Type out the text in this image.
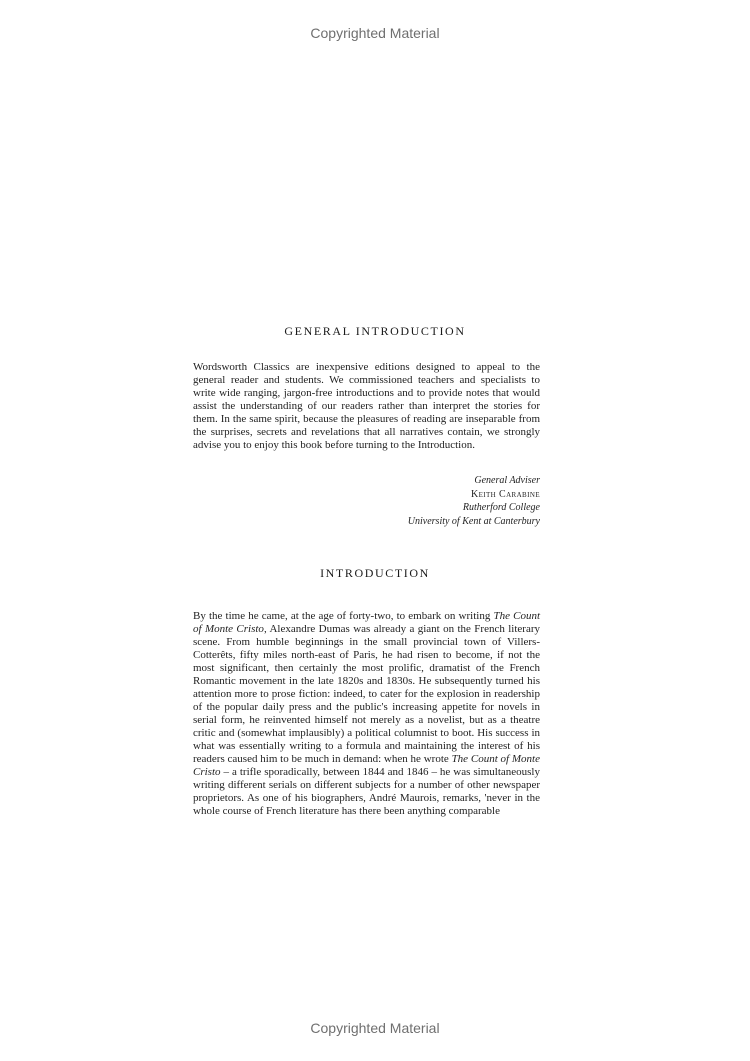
Copyrighted Material
GENERAL INTRODUCTION

Wordsworth Classics are inexpensive editions designed to appeal to the general reader and students. We commissioned teachers and specialists to write wide ranging, jargon-free introductions and to provide notes that would assist the understanding of our readers rather than interpret the stories for them. In the same spirit, because the pleasures of reading are inseparable from the surprises, secrets and revelations that all narratives contain, we strongly advise you to enjoy this book before turning to the Introduction.

General Adviser
Keith Carabine
Rutherford College
University of Kent at Canterbury
INTRODUCTION

By the time he came, at the age of forty-two, to embark on writing The Count of Monte Cristo, Alexandre Dumas was already a giant on the French literary scene. From humble beginnings in the small provincial town of Villers-Cotterêts, fifty miles north-east of Paris, he had risen to become, if not the most significant, then certainly the most prolific, dramatist of the French Romantic movement in the late 1820s and 1830s. He subsequently turned his attention more to prose fiction: indeed, to cater for the explosion in readership of the popular daily press and the public's increasing appetite for novels in serial form, he reinvented himself not merely as a novelist, but as a theatre critic and (somewhat implausibly) a political columnist to boot. His success in what was essentially writing to a formula and maintaining the interest of his readers caused him to be much in demand: when he wrote The Count of Monte Cristo – a trifle sporadically, between 1844 and 1846 – he was simultaneously writing different serials on different subjects for a number of other newspaper proprietors. As one of his biographers, André Maurois, remarks, 'never in the whole course of French literature has there been anything comparable

Copyrighted Material
